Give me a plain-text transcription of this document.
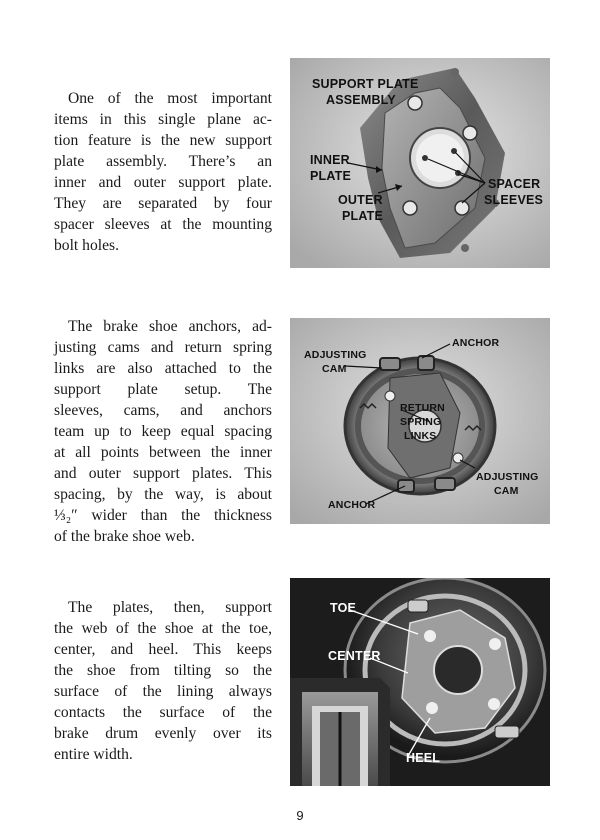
One of the most important
items in this single plane ac-
tion feature is the new support
plate assembly. There’s an
inner and outer support plate.
They are separated by four
spacer sleeves at the mounting
bolt holes.
SUPPORT PLATE
ASSEMBLY
INNER
PLATE
OUTER
PLATE
SPACER
SLEEVES
The brake shoe anchors, ad-
justing cams and return spring
links are also attached to the
support plate setup. The
sleeves, cams, and anchors
team up to keep equal spacing
at all points between the inner
and outer support plates. This
spacing, by the way, is about
⅓₂″ wider than the thickness
of the brake shoe web.
ANCHOR
ADJUSTING
CAM
RETURN
SPRING
LINKS
ADJUSTING
CAM
ANCHOR
The plates, then, support
the web of the shoe at the toe,
center, and heel. This keeps
the shoe from tilting so the
surface of the lining always
contacts the surface of the
brake drum evenly over its
entire width.
TOE
CENTER
HEEL
9
